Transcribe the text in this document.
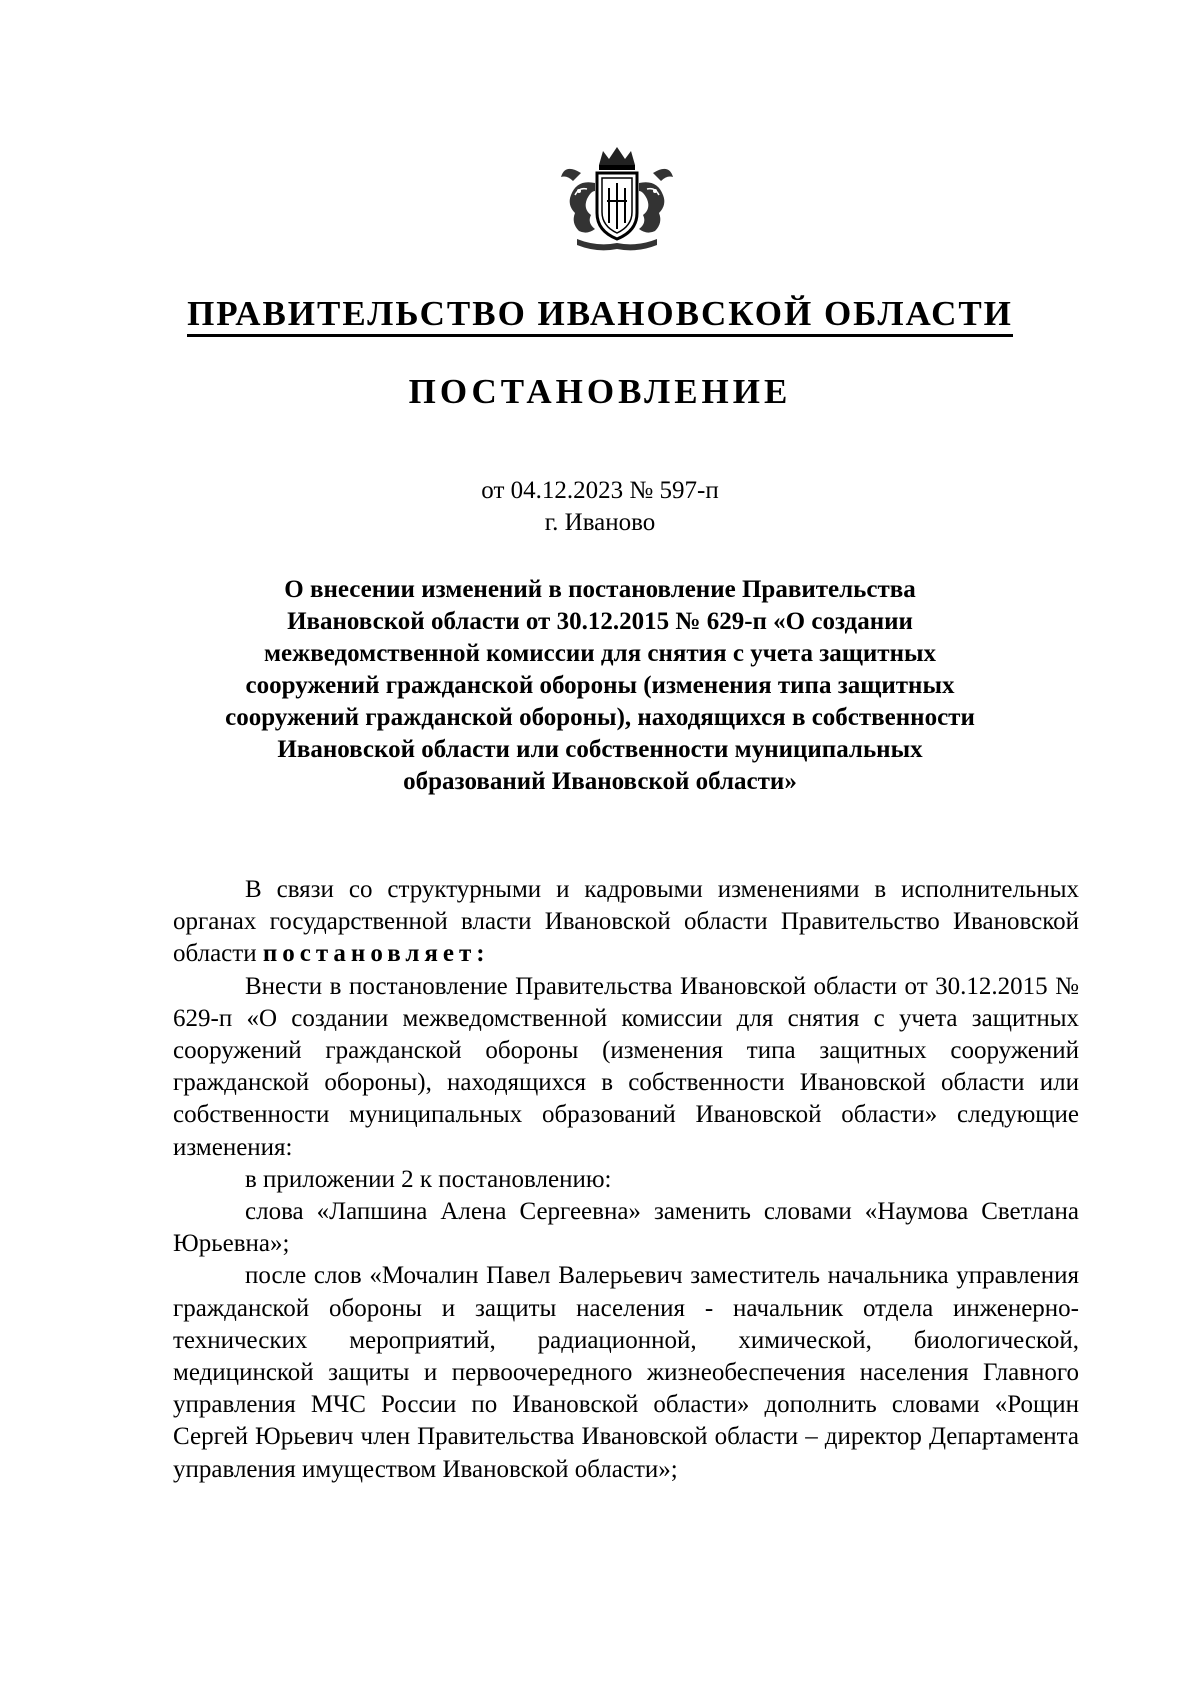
ПРАВИТЕЛЬСТВО ИВАНОВСКОЙ ОБЛАСТИ
ПОСТАНОВЛЕНИЕ
от 04.12.2023 № 597-п
г. Иваново
О внесении изменений в постановление Правительства
Ивановской области от 30.12.2015 № 629-п «О создании
межведомственной комиссии для снятия с учета защитных
сооружений гражданской обороны (изменения типа защитных
сооружений гражданской обороны), находящихся в собственности
Ивановской области или собственности муниципальных
образований Ивановской области»

В связи со структурными и кадровыми изменениями в исполнительных органах государственной власти Ивановской области Правительство Ивановской области постановляет:

Внести в постановление Правительства Ивановской области от 30.12.2015 № 629-п «О создании межведомственной комиссии для снятия с учета защитных сооружений гражданской обороны (изменения типа защитных сооружений гражданской обороны), находящихся в собственности Ивановской области или собственности муниципальных образований Ивановской области» следующие изменения:

в приложении 2 к постановлению:

слова «Лапшина Алена Сергеевна» заменить словами «Наумова Светлана Юрьевна»;

после слов «Мочалин Павел Валерьевич заместитель начальника управления гражданской обороны и защиты населения - начальник отдела инженерно-технических мероприятий, радиационной, химической, биологической, медицинской защиты и первоочередного жизнеобеспечения населения Главного управления МЧС России по Ивановской области» дополнить словами «Рощин Сергей Юрьевич член Правительства Ивановской области – директор Департамента управления имуществом Ивановской области»;
